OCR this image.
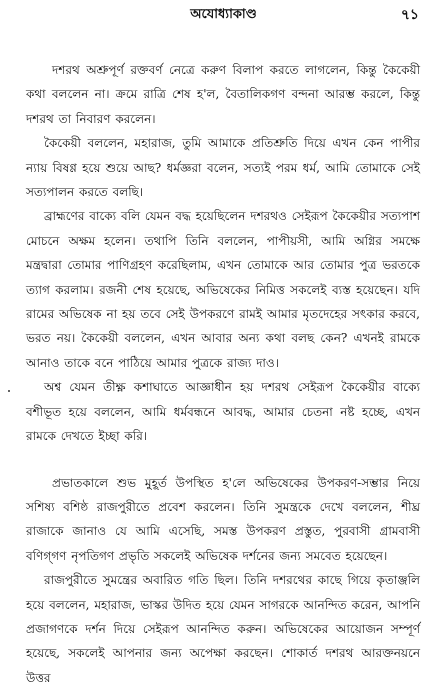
অযোধ্যাকাণ্ড	৭১

দশরথ অশ্রুপূর্ণ রক্তবর্ণ নেত্রে করুণ বিলাপ করতে লাগলেন, কিন্তু কৈকেয়ী কথা বললেন না। ক্রমে রাত্রি শেষ হ'ল, বৈতালিকগণ বন্দনা আরম্ভ করলে, কিন্তু দশরথ তা নিবারণ করলেন।

কৈকেয়ী বললেন, মহারাজ, তুমি আমাকে প্রতিশ্রুতি দিয়ে এখন কেন পাপীর ন্যায় বিষণ্ণ হয়ে শুয়ে আছ? ধর্মজ্ঞরা বলেন, সত্যই পরম ধর্ম, আমি তোমাকে সেই সত্যপালন করতে বলছি।

ব্রাহ্মণের বাক্যে বলি যেমন বদ্ধ হয়েছিলেন দশরথও সেইরূপ কৈকেয়ীর সত্যপাশ মোচনে অক্ষম হলেন। তথাপি তিনি বললেন, পাপীয়সী, আমি অগ্নির সমক্ষে মন্ত্রদ্বারা তোমার পাণিগ্রহণ করেছিলাম, এখন তোমাকে আর তোমার পুত্র ভরতকে ত্যাগ করলাম। রজনী শেষ হয়েছে, অভিষেকের নিমিত্ত সকলেই ব্যস্ত হয়েছেন। যদি রামের অভিষেক না হয় তবে সেই উপকরণে রামই আমার মৃতদেহের সৎকার করবে, ভরত নয়। কৈকেয়ী বললেন, এখন আবার অন্য কথা বলছ কেন? এখনই রামকে আনাও তাকে বনে পাঠিয়ে আমার পুত্রকে রাজ্য দাও।

অশ্ব যেমন তীক্ষ্ণ কশাঘাতে আজ্ঞাধীন হয় দশরথ সেইরূপ কৈকেয়ীর বাক্যে বশীভূত হয়ে বললেন, আমি ধর্মবন্ধনে আবদ্ধ, আমার চেতনা নষ্ট হচ্ছে, এখন রামকে দেখতে ইচ্ছা করি।

প্রভাতকালে শুভ মুহূর্ত উপস্থিত হ'লে অভিষেকের উপকরণ-সম্ভার নিয়ে সশিষ্য বশিষ্ঠ রাজপুরীতে প্রবেশ করলেন। তিনি সুমন্ত্রকে দেখে বললেন, শীঘ্র রাজাকে জানাও যে আমি এসেছি, সমস্ত উপকরণ প্রস্তুত, পুরবাসী গ্রামবাসী বণিগ্‌গণ নৃপতিগণ প্রভৃতি সকলেই অভিষেক দর্শনের জন্য সমবেত হয়েছেন।

রাজপুরীতে সুমন্ত্রের অবারিত গতি ছিল। তিনি দশরথের কাছে গিয়ে কৃতাঞ্জলি হয়ে বললেন, মহারাজ, ভাস্কর উদিত হয়ে যেমন সাগরকে আনন্দিত করেন, আপনি প্রজাগণকে দর্শন দিয়ে সেইরূপ আনন্দিত করুন। অভিষেকের আয়োজন সম্পূর্ণ হয়েছে, সকলেই আপনার জন্য অপেক্ষা করছেন। শোকার্ত দশরথ আরক্তনয়নে উত্তর
